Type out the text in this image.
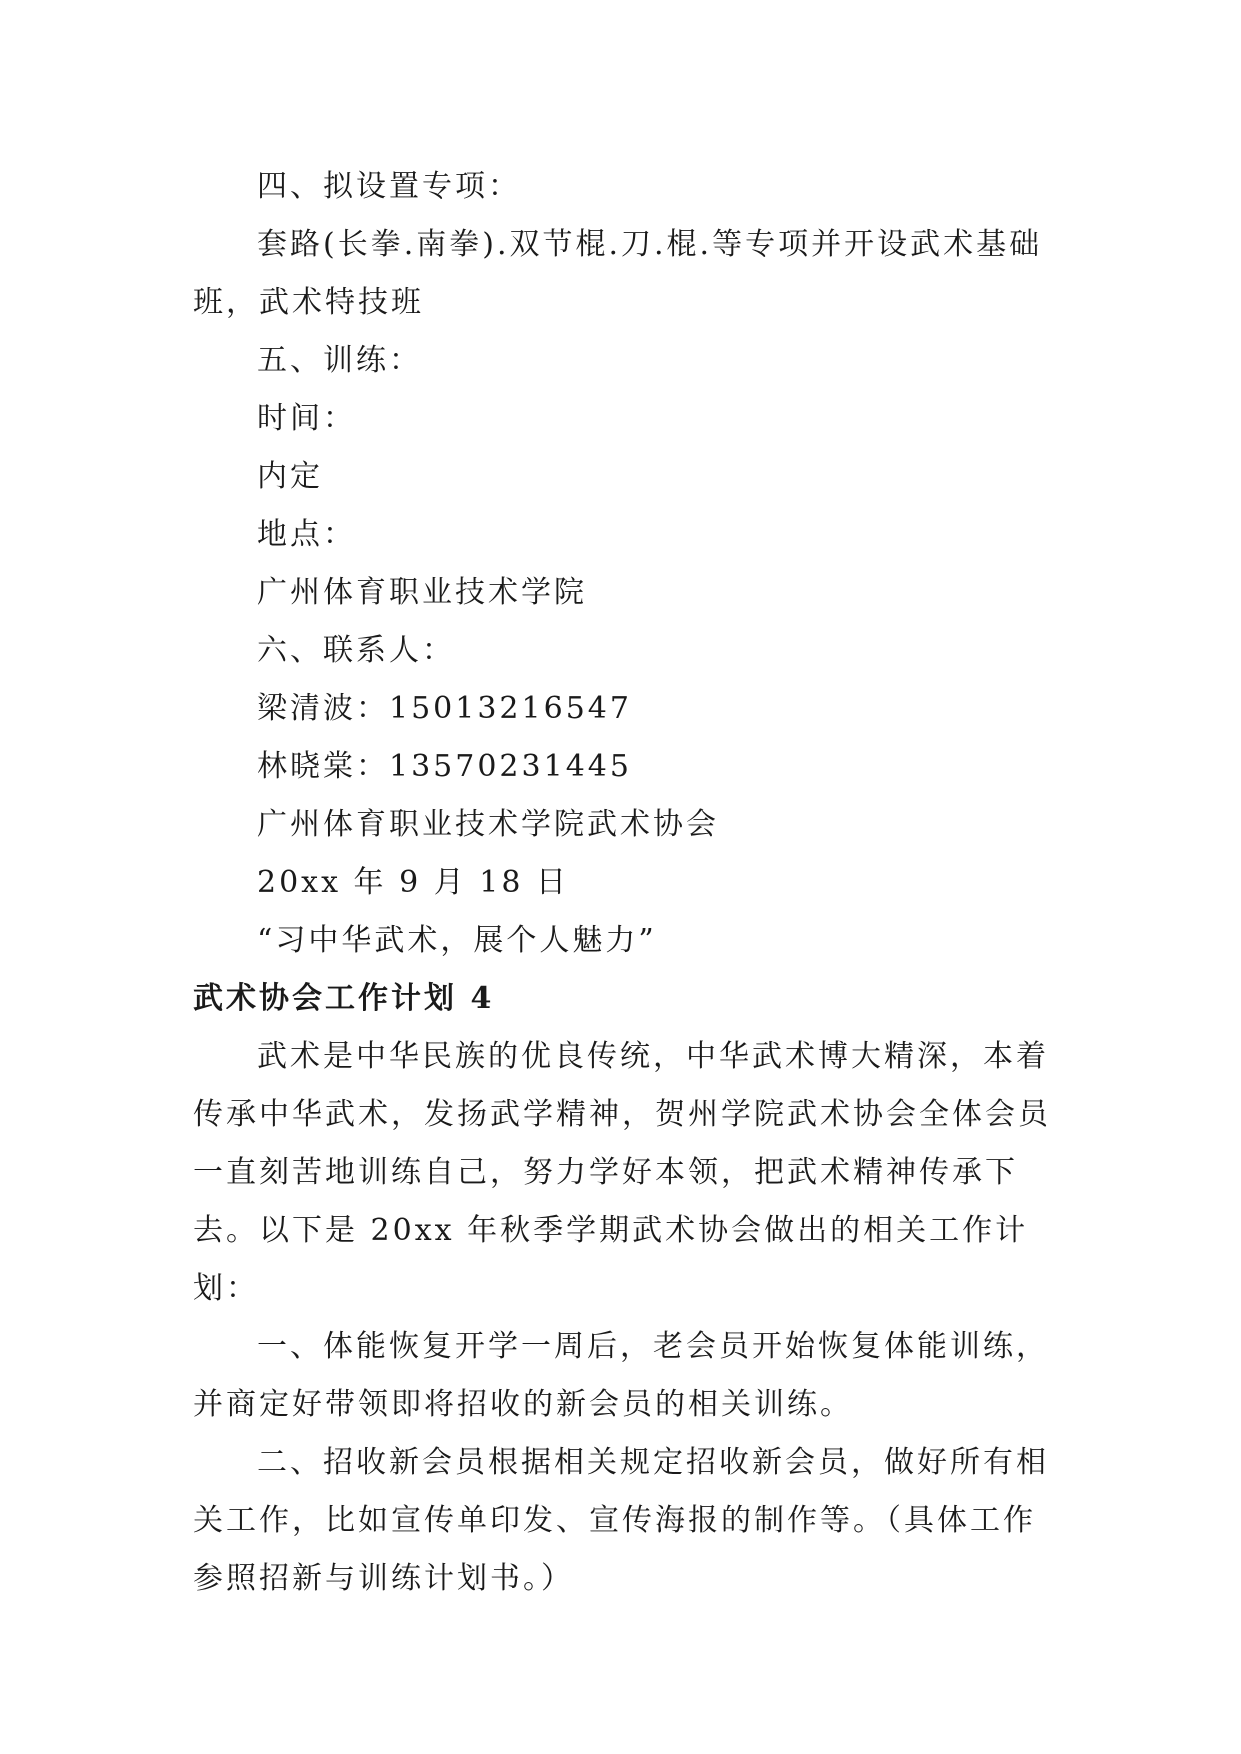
四、拟设置专项：

套路(长拳.南拳).双节棍.刀.棍.等专项并开设武术基础班，武术特技班

五、训练：

时间：

内定

地点：

广州体育职业技术学院

六、联系人：

梁清波：15013216547

林晓棠：13570231445

广州体育职业技术学院武术协会

20xx 年 9 月 18 日

“习中华武术，展个人魅力”

武术协会工作计划 4

武术是中华民族的优良传统，中华武术博大精深，本着传承中华武术，发扬武学精神，贺州学院武术协会全体会员一直刻苦地训练自己，努力学好本领，把武术精神传承下去。以下是 20xx 年秋季学期武术协会做出的相关工作计划：

一、体能恢复开学一周后，老会员开始恢复体能训练，并商定好带领即将招收的新会员的相关训练。

二、招收新会员根据相关规定招收新会员，做好所有相关工作，比如宣传单印发、宣传海报的制作等。（具体工作参照招新与训练计划书。）
